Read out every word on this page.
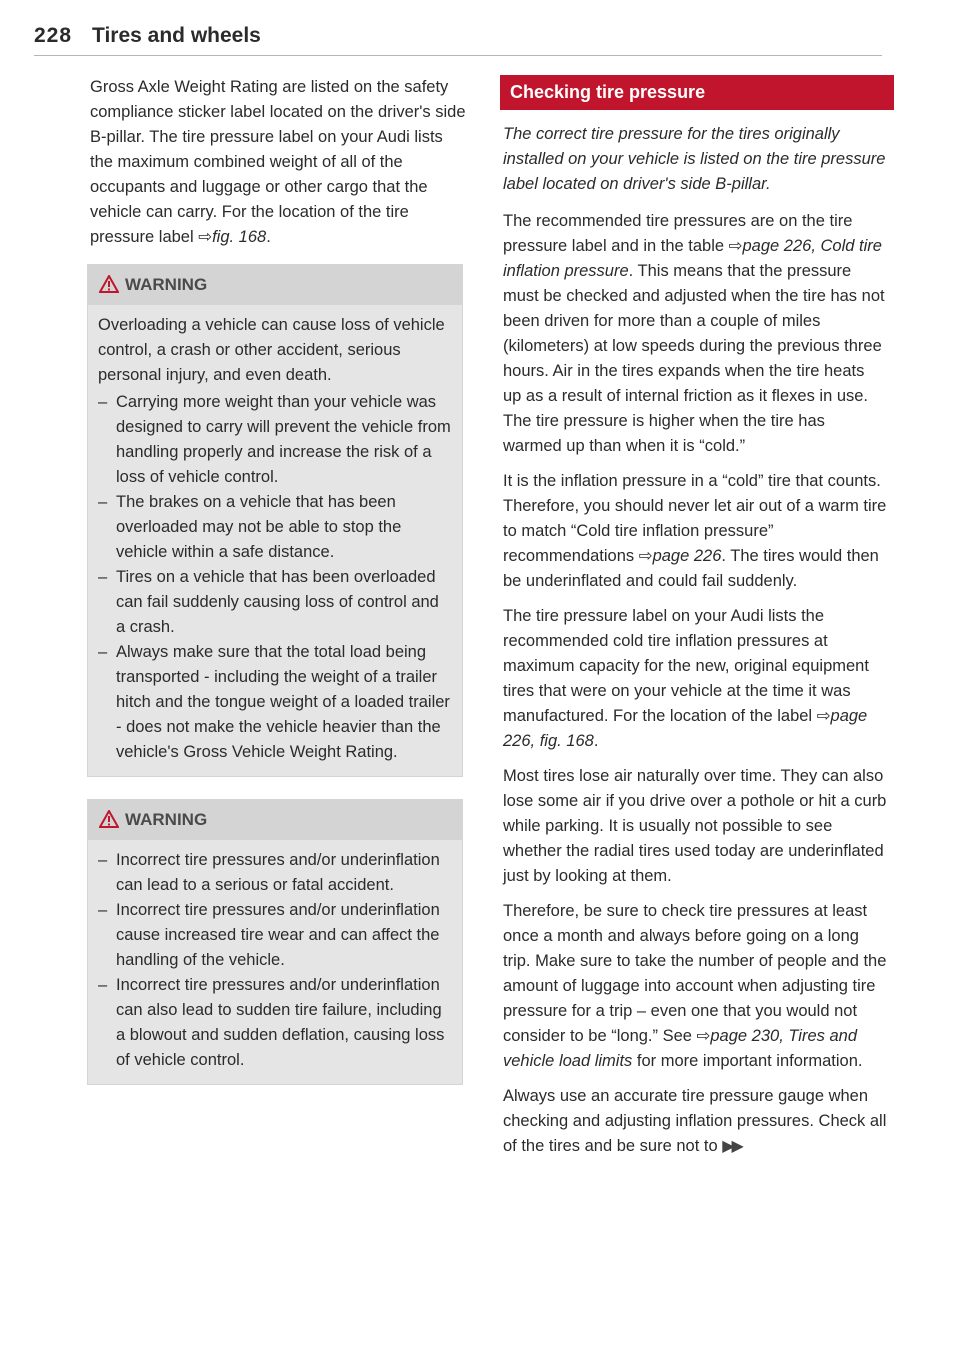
228 Tires and wheels

Gross Axle Weight Rating are listed on the safety compliance sticker label located on the driver's side B-pillar. The tire pressure label on your Audi lists the maximum combined weight of all of the occupants and luggage or other cargo that the vehicle can carry. For the location of the tire pressure label ⇨fig. 168.

WARNING

Overloading a vehicle can cause loss of vehicle control, a crash or other accident, serious personal injury, and even death.

– Carrying more weight than your vehicle was designed to carry will prevent the vehicle from handling properly and increase the risk of a loss of vehicle control.
– The brakes on a vehicle that has been overloaded may not be able to stop the vehicle within a safe distance.
– Tires on a vehicle that has been overloaded can fail suddenly causing loss of control and a crash.
– Always make sure that the total load being transported - including the weight of a trailer hitch and the tongue weight of a loaded trailer - does not make the vehicle heavier than the vehicle's Gross Vehicle Weight Rating.
WARNING
– Incorrect tire pressures and/or underinflation can lead to a serious or fatal accident.
– Incorrect tire pressures and/or underinflation cause increased tire wear and can affect the handling of the vehicle.
– Incorrect tire pressures and/or underinflation can also lead to sudden tire failure, including a blowout and sudden deflation, causing loss of vehicle control.
Checking tire pressure

The correct tire pressure for the tires originally installed on your vehicle is listed on the tire pressure label located on driver's side B-pillar.

The recommended tire pressures are on the tire pressure label and in the table ⇨page 226, Cold tire inflation pressure. This means that the pressure must be checked and adjusted when the tire has not been driven for more than a couple of miles (kilometers) at low speeds during the previous three hours. Air in the tires expands when the tire heats up as a result of internal friction as it flexes in use. The tire pressure is higher when the tire has warmed up than when it is “cold.”

It is the inflation pressure in a “cold” tire that counts. Therefore, you should never let air out of a warm tire to match “Cold tire inflation pressure” recommendations ⇨page 226. The tires would then be underinflated and could fail suddenly.

The tire pressure label on your Audi lists the recommended cold tire inflation pressures at maximum capacity for the new, original equipment tires that were on your vehicle at the time it was manufactured. For the location of the label ⇨page 226, fig. 168.

Most tires lose air naturally over time. They can also lose some air if you drive over a pothole or hit a curb while parking. It is usually not possible to see whether the radial tires used today are underinflated just by looking at them.

Therefore, be sure to check tire pressures at least once a month and always before going on a long trip. Make sure to take the number of people and the amount of luggage into account when adjusting tire pressure for a trip – even one that you would not consider to be “long.” See ⇨page 230, Tires and vehicle load limits for more important information.

Always use an accurate tire pressure gauge when checking and adjusting inflation pressures. Check all of the tires and be sure not to ▶▶
